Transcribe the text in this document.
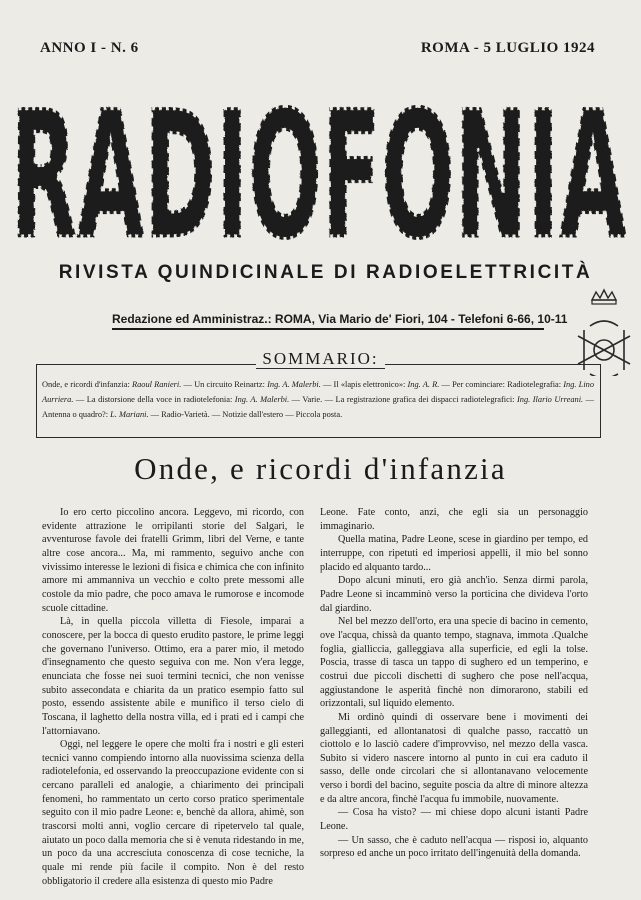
ANNO I - N. 6	ROMA - 5 LUGLIO 1924
RADIOFONIA
RADIOFONIA
RIVISTA QUINDICINALE DI RADIOELETTRICITÀ
Redazione ed Amministraz.: ROMA, Via Mario de' Fiori, 104 - Telefoni 6-66, 10-11
SOMMARIO:
Onde, e ricordi d'infanzia: Raoul Ranieri. — Un circuito Reinartz: Ing. A. Malerbi. — Il «lapis elettronico»: Ing. A. R. — Per cominciare: Radiotelegrafia: Ing. Lino Aurriera. — La distorsione della voce in radiotelefonia: Ing. A. Malerbi. — Varie. — La registrazione grafica dei dispacci radiotelegrafici: Ing. Ilario Urreani. — Antenna o quadro?: L. Mariani. — Radio-Varietà. — Notizie dall'estero — Piccola posta.
Onde, e ricordi d'infanzia

Io ero certo piccolino ancora. Leggevo, mi ricordo, con evidente attrazione le orripilanti storie del Salgari, le avventurose favole dei fratelli Grimm, libri del Verne, e tante altre cose ancora... Ma, mi rammento, seguivo anche con vivissimo interesse le lezioni di fisica e chimica che con infinito amore mi ammanniva un vecchio e colto prete messomi alle costole da mio padre, che poco amava le rumorose e incomode scuole cittadine.

Là, in quella piccola villetta di Fiesole, imparai a conoscere, per la bocca di questo erudito pastore, le prime leggi che governano l'universo. Ottimo, era a parer mio, il metodo d'insegnamento che questo seguiva con me. Non v'era legge, enunciata che fosse nei suoi termini tecnici, che non venisse subito assecondata e chiarita da un pratico esempio fatto sul posto, essendo assistente abile e munifico il terso cielo di Toscana, il laghetto della nostra villa, ed i prati ed i campi che l'attorniavano.

Oggi, nel leggere le opere che molti fra i nostri e gli esteri tecnici vanno compiendo intorno alla nuovissima scienza della radiotelefonia, ed osservando la preoccupazione evidente con si cercano paralleli ed analogie, a chiarimento dei principali fenomeni, ho rammentato un certo corso pratico sperimentale seguito con il mio padre Leone: e, benchè da allora, ahimè, son trascorsi molti anni, voglio cercare di ripetervelo tal quale, aiutato un poco dalla memoria che si è venuta ridestando in me, un poco da una accresciuta conoscenza di cose tecniche, la quale mi rende più facile il compito. Non è del resto obbligatorio il credere alla esistenza di questo mio Padre

Leone. Fate conto, anzi, che egli sia un personaggio immaginario.

Quella matina, Padre Leone, scese in giardino per tempo, ed interruppe, con ripetuti ed imperiosi appelli, il mio bel sonno placido ed alquanto tardo...

Dopo alcuni minuti, ero già anch'io. Senza dirmi parola, Padre Leone si incamminò verso la porticina che divideva l'orto dal giardino.

Nel bel mezzo dell'orto, era una specie di bacino in cemento, ove l'acqua, chissà da quanto tempo, stagnava, immota .Qualche foglia, giallìccia, galleggiava alla superficie, ed egli la tolse. Poscia, trasse di tasca un tappo di sughero ed un temperino, e costruì due piccoli dischetti di sughero che pose nell'acqua, aggiustandone le asperità finchè non dimorarono, stabili ed orizzontali, sul liquido elemento.

Mi ordinò quindi di osservare bene i movimenti dei galleggianti, ed allontanatosi di qualche passo, raccattò un ciottolo e lo lasciò cadere d'improvviso, nel mezzo della vasca. Subito si videro nascere intorno al punto in cui era caduto il sasso, delle onde circolari che si allontanavano velocemente verso i bordi del bacino, seguite poscia da altre di minore altezza e da altre ancora, finchè l'acqua fu immobile, nuovamente.

— Cosa ha visto? — mi chiese dopo alcuni istanti Padre Leone.

— Un sasso, che è caduto nell'acqua — risposi io, alquanto sorpreso ed anche un poco irritato dell'ingenuità della domanda.
